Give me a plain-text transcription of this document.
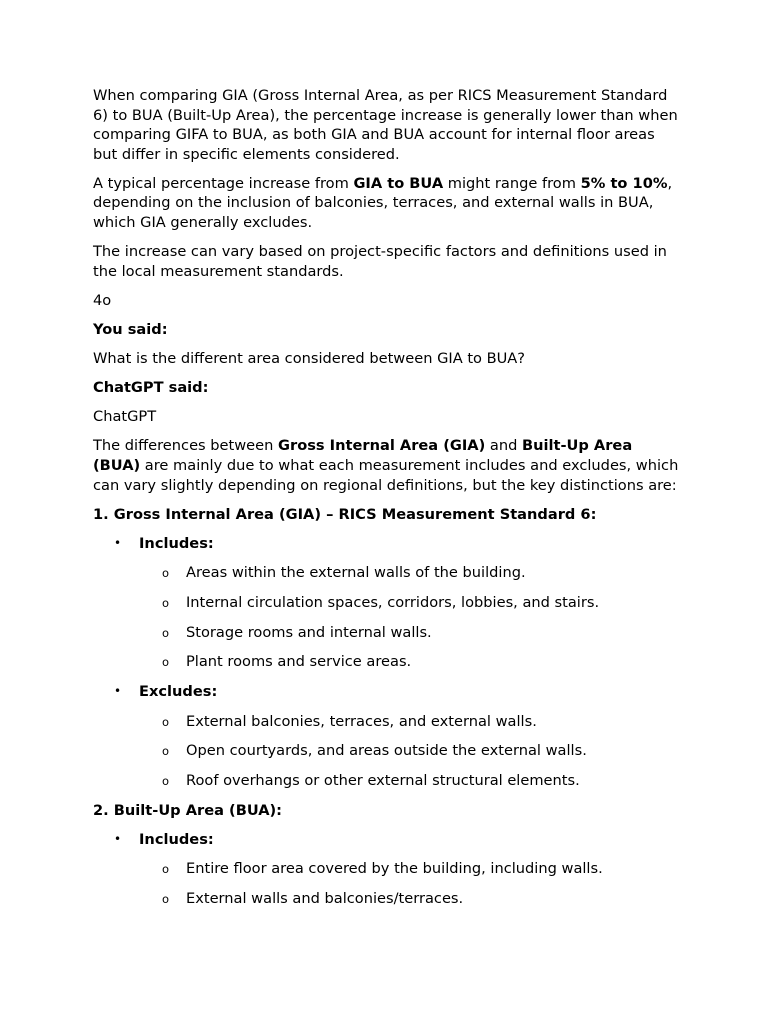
When comparing GIA (Gross Internal Area, as per RICS Measurement Standard 6) to BUA (Built-Up Area), the percentage increase is generally lower than when comparing GIFA to BUA, as both GIA and BUA account for internal floor areas but differ in specific elements considered.

A typical percentage increase from GIA to BUA might range from 5% to 10%, depending on the inclusion of balconies, terraces, and external walls in BUA, which GIA generally excludes.

The increase can vary based on project-specific factors and definitions used in the local measurement standards.

4o

You said:

What is the different area considered between GIA to BUA?

ChatGPT said:

ChatGPT

The differences between Gross Internal Area (GIA) and Built-Up Area (BUA) are mainly due to what each measurement includes and excludes, which can vary slightly depending on regional definitions, but the key distinctions are:

1. Gross Internal Area (GIA) – RICS Measurement Standard 6:

• Includes:
o Areas within the external walls of the building.
o Internal circulation spaces, corridors, lobbies, and stairs.
o Storage rooms and internal walls.
o Plant rooms and service areas.
• Excludes:
o External balconies, terraces, and external walls.
o Open courtyards, and areas outside the external walls.
o Roof overhangs or other external structural elements.

2. Built-Up Area (BUA):

• Includes:
o Entire floor area covered by the building, including walls.
o External walls and balconies/terraces.
